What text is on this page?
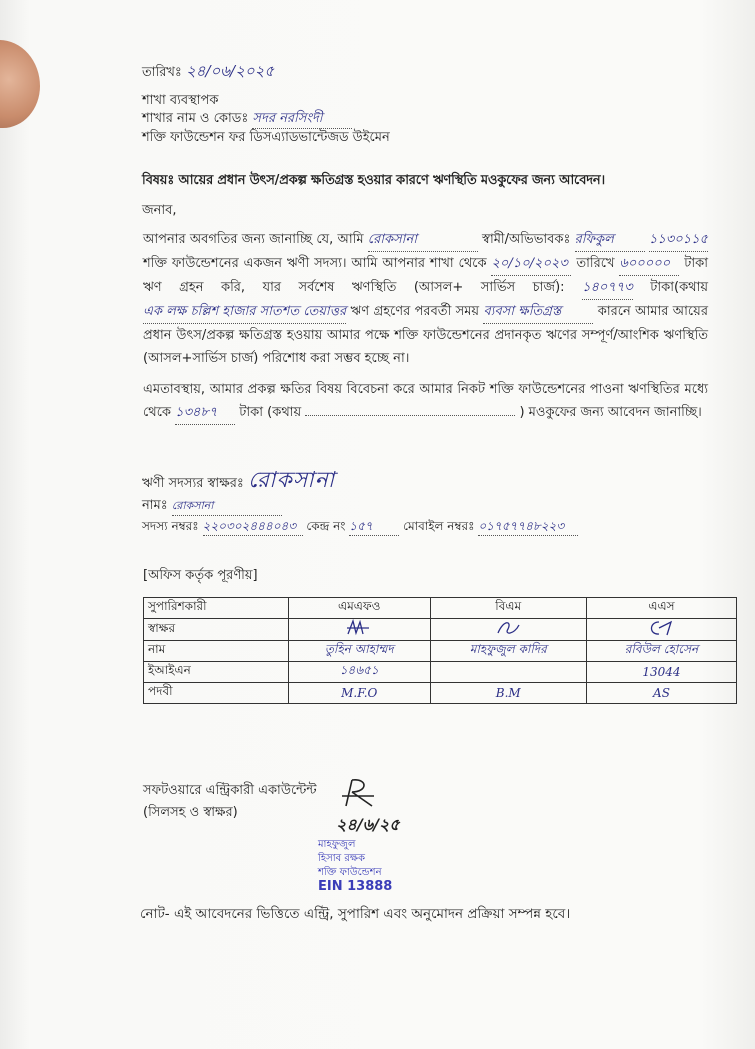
তারিখঃ ২৪/০৬/২০২৫
শাখা ব্যবস্থাপক
শাখার নাম ও কোডঃ সদর নরসিংদী
শক্তি ফাউন্ডেশন ফর ডিসএ্যাডভান্টেজড উইমেন
বিষয়ঃ আয়ের প্রধান উৎস/প্রকল্প ক্ষতিগ্রস্ত হওয়ার কারণে ঋণস্থিতি মওকুফের জন্য আবেদন।
জনাব,
আপনার অবগতির জন্য জানাচ্ছি যে, আমি রোকসানা	স্বামী/অভিভাবকঃ রফিকুল	১১৩০১১৫ শক্তি ফাউন্ডেশনের একজন ঋণী সদস্য। আমি আপনার শাখা থেকে ২০/১০/২০২৩ তারিখে ৬০০০০০ টাকা ঋণ গ্রহন করি, যার সর্বশেষ ঋণস্থিতি (আসল+ সার্ভিস চার্জ): ১৪০৭৭৩ টাকা(কথায় এক লক্ষ চল্লিশ হাজার সাতশত তেয়াত্তর ঋণ গ্রহণের পরবর্তী সময় ব্যবসা ক্ষতিগ্রস্ত	কারনে আমার আয়ের প্রধান উৎস/প্রকল্প ক্ষতিগ্রস্ত হওয়ায় আমার পক্ষে শক্তি ফাউন্ডেশনের প্রদানকৃত ঋণের সম্পূর্ণ/আংশিক ঋণস্থিতি (আসল+সার্ভিস চার্জ) পরিশোধ করা সম্ভব হচ্ছে না।
এমতাবস্থায়, আমার প্রকল্প ক্ষতির বিষয় বিবেচনা করে আমার নিকট শক্তি ফাউন্ডেশনের পাওনা ঋণস্থিতির মধ্যে থেকে ১৩৪৮৭ টাকা (কথায়	) মওকুফের জন্য আবেদন জানাচ্ছি।
ঋণী সদস্যর স্বাক্ষরঃ রোকসানা
নামঃ রোকসানা
সদস্য নম্বরঃ ২২০৩০২৪৪৪০৪৩ কেন্দ্র নং ১৫৭	মোবাইল নম্বরঃ ০১৭৫৭৭৪৮২২৩
[অফিস কর্তৃক পূরণীয়]
সুপারিশকারী	এমএফও	বিএম	এএস
স্বাক্ষর			
নাম	তুহিন আহাম্মদ	মাহফুজুল কাদির	রবিউল হোসেন
ইআইএন	১৪৬৫১		13044
পদবী	M.F.O	B.M	AS
সফটওয়ারে এন্ট্রিকারী একাউন্টেন্ট
(সিলসহ ও স্বাক্ষর)
২৪/৬/২৫
মাহফুজুল
হিসাব রক্ষক
শক্তি ফাউন্ডেশন
EIN 13888
নোট- এই আবেদনের ভিত্তিতে এন্ট্রি, সুপারিশ এবং অনুমোদন প্রক্রিয়া সম্পন্ন হবে।
